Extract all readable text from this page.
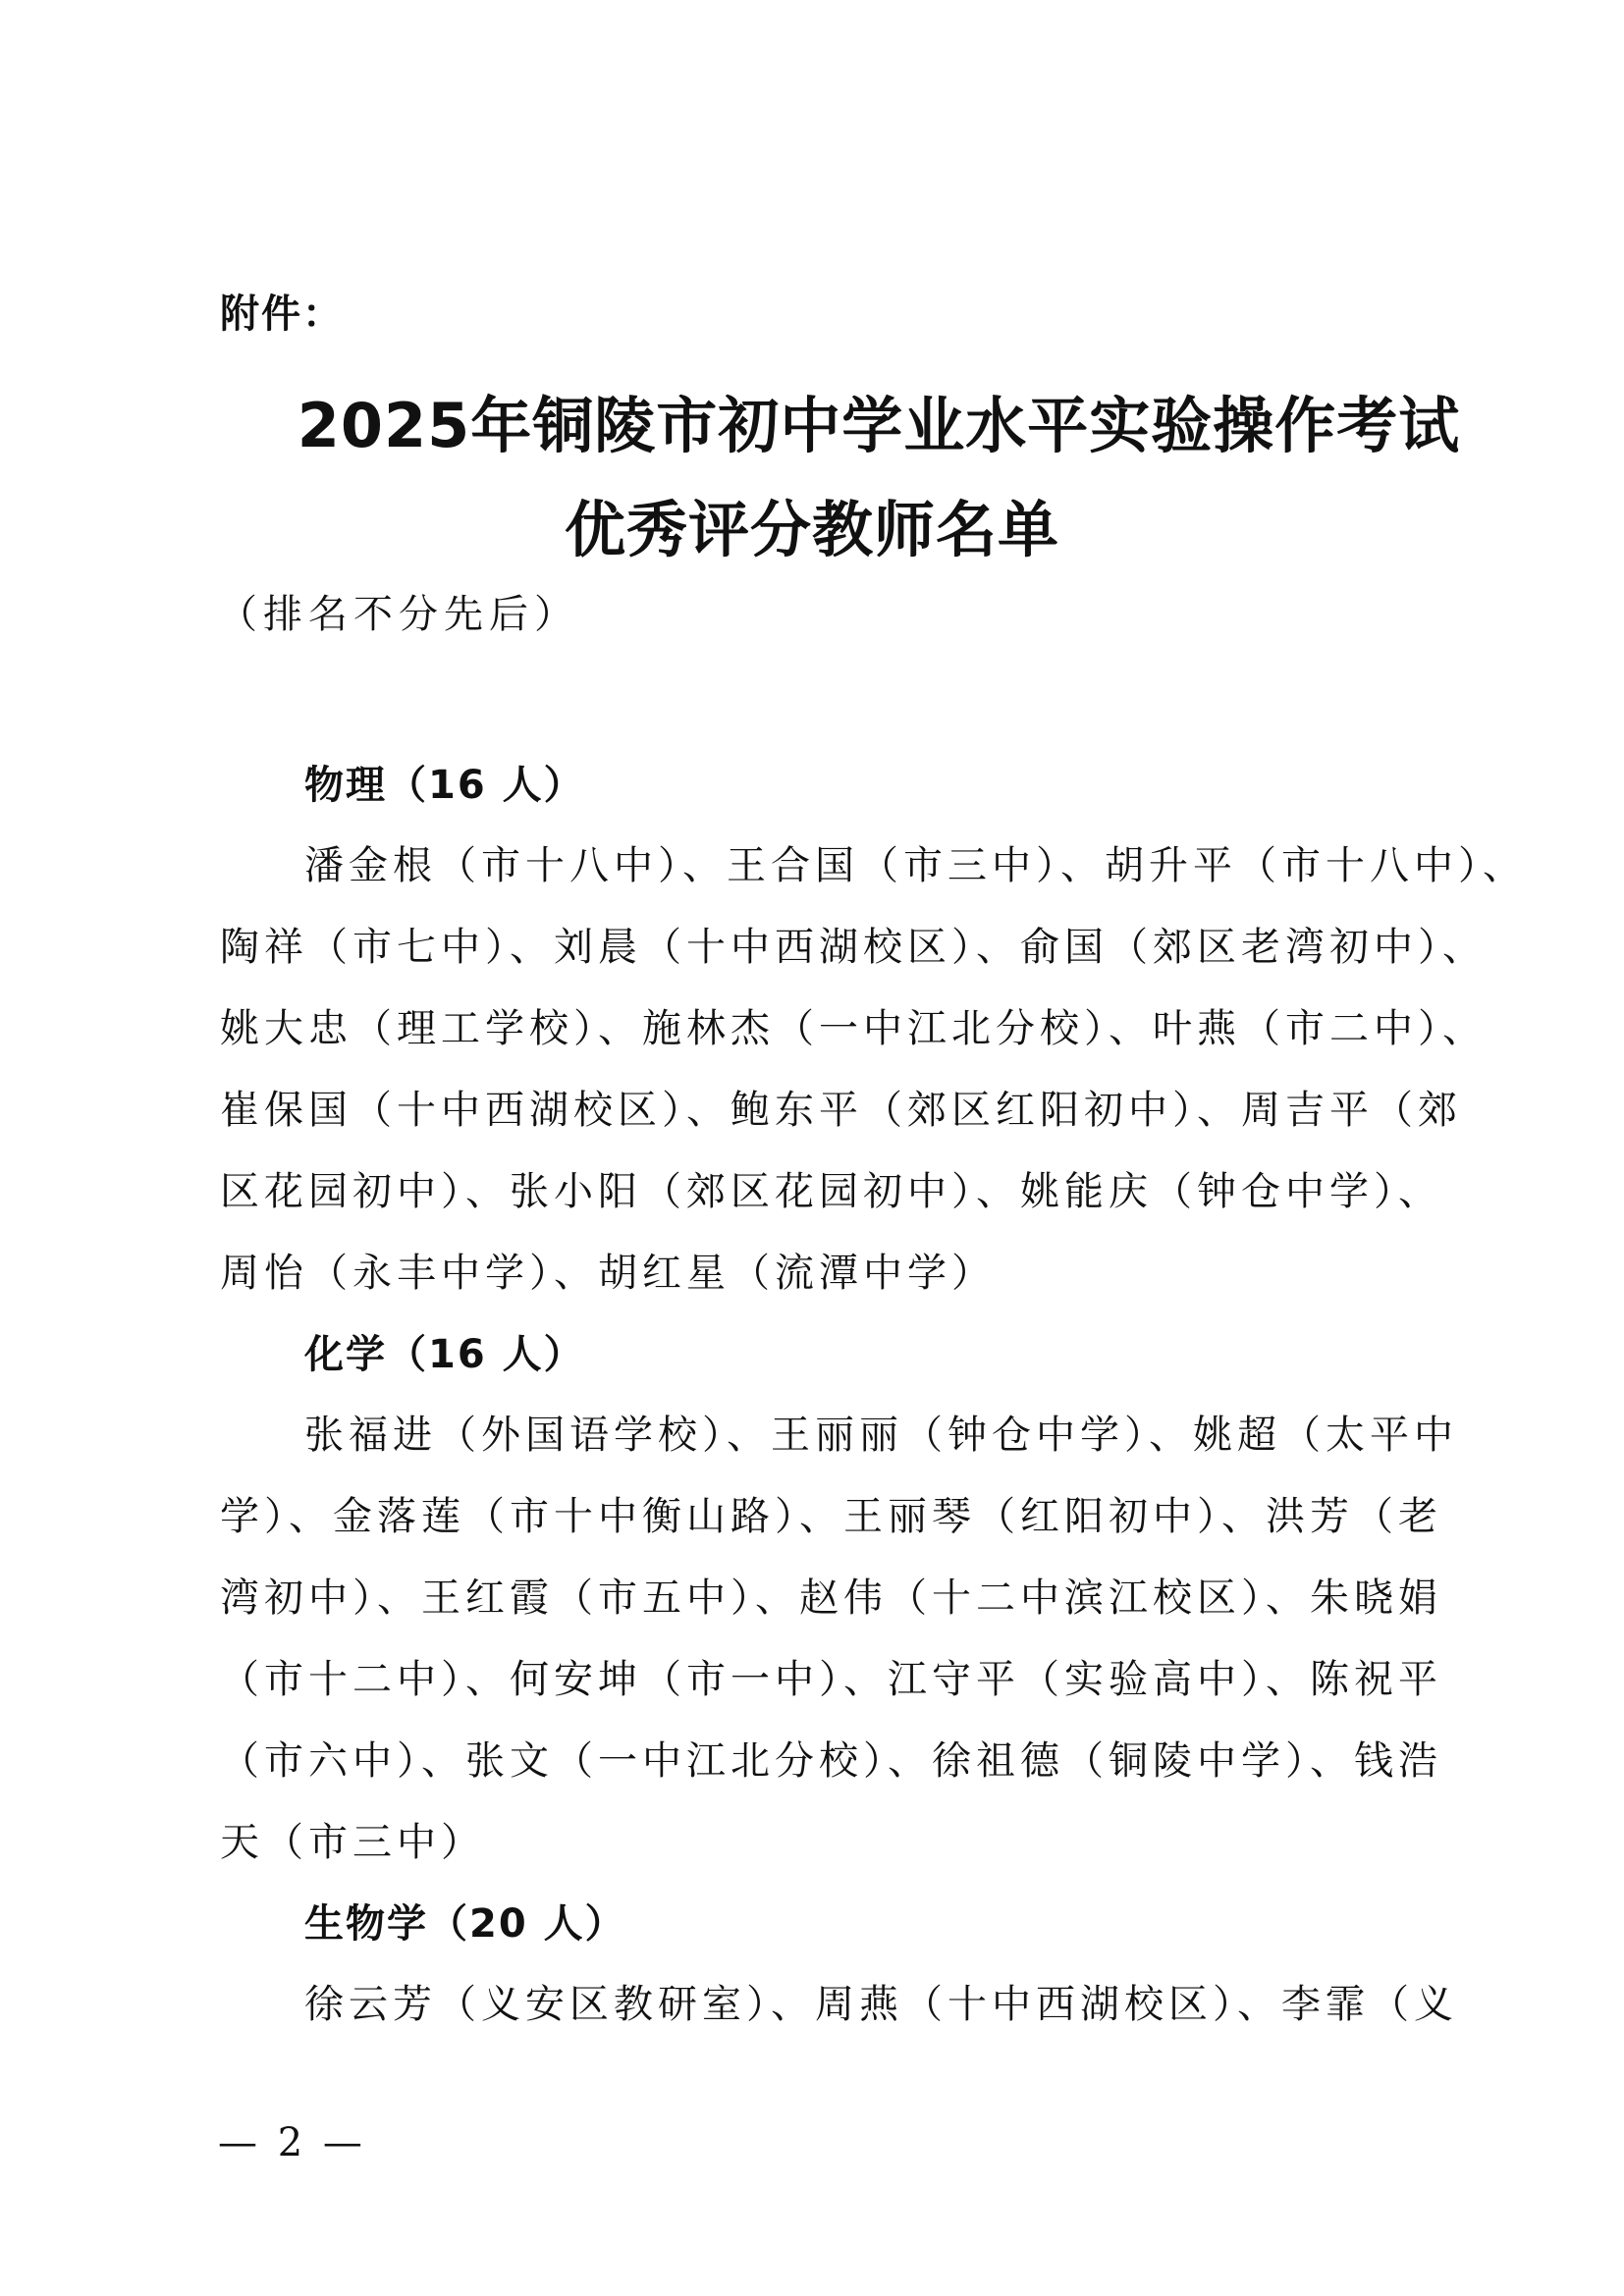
附件：
2025年铜陵市初中学业水平实验操作考试
优秀评分教师名单
（排名不分先后）
物理（16 人）
潘金根（市十八中）、王合国（市三中）、胡升平（市十八中）、
陶祥（市七中）、刘晨（十中西湖校区）、俞国（郊区老湾初中）、
姚大忠（理工学校）、施林杰（一中江北分校）、叶燕（市二中）、
崔保国（十中西湖校区）、鲍东平（郊区红阳初中）、周吉平（郊
区花园初中）、张小阳（郊区花园初中）、姚能庆（钟仓中学）、
周怡（永丰中学）、胡红星（流潭中学）
化学（16 人）
张福进（外国语学校）、王丽丽（钟仓中学）、姚超（太平中
学）、金落莲（市十中衡山路）、王丽琴（红阳初中）、洪芳（老
湾初中）、王红霞（市五中）、赵伟（十二中滨江校区）、朱晓娟
（市十二中）、何安坤（市一中）、江守平（实验高中）、陈祝平
（市六中）、张文（一中江北分校）、徐祖德（铜陵中学）、钱浩
天（市三中）
生物学（20 人）
徐云芳（义安区教研室）、周燕（十中西湖校区）、李霏（义
— 2 —
